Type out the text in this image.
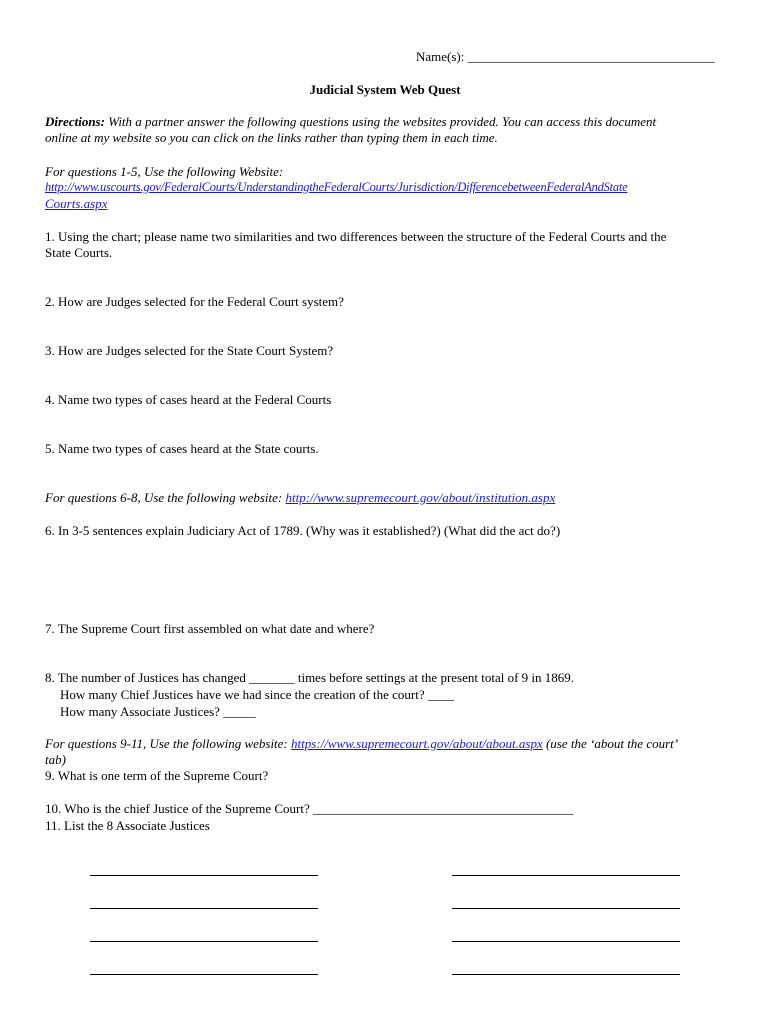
Name(s): ______________________________________
Judicial System Web Quest
Directions: With a partner answer the following questions using the websites provided. You can access this document
online at my website so you can click on the links rather than typing them in each time.
For questions 1-5, Use the following Website:
http://www.uscourts.gov/FederalCourts/UnderstandingtheFederalCourts/Jurisdiction/DifferencebetweenFederalAndState
Courts.aspx
1. Using the chart; please name two similarities and two differences between the structure of the Federal Courts and the
State Courts.
2. How are Judges selected for the Federal Court system?
3. How are Judges selected for the State Court System?
4. Name two types of cases heard at the Federal Courts
5. Name two types of cases heard at the State courts.
For questions 6-8, Use the following website: http://www.supremecourt.gov/about/institution.aspx
6. In 3-5 sentences explain Judiciary Act of 1789. (Why was it established?) (What did the act do?)
7. The Supreme Court first assembled on what date and where?
8. The number of Justices has changed _______ times before settings at the present total of 9 in 1869.
How many Chief Justices have we had since the creation of the court? ____
How many Associate Justices? _____
For questions 9-11, Use the following website: https://www.supremecourt.gov/about/about.aspx (use the ‘about the court’
tab)
9. What is one term of the Supreme Court?
10. Who is the chief Justice of the Supreme Court? ________________________________________
11. List the 8 Associate Justices
